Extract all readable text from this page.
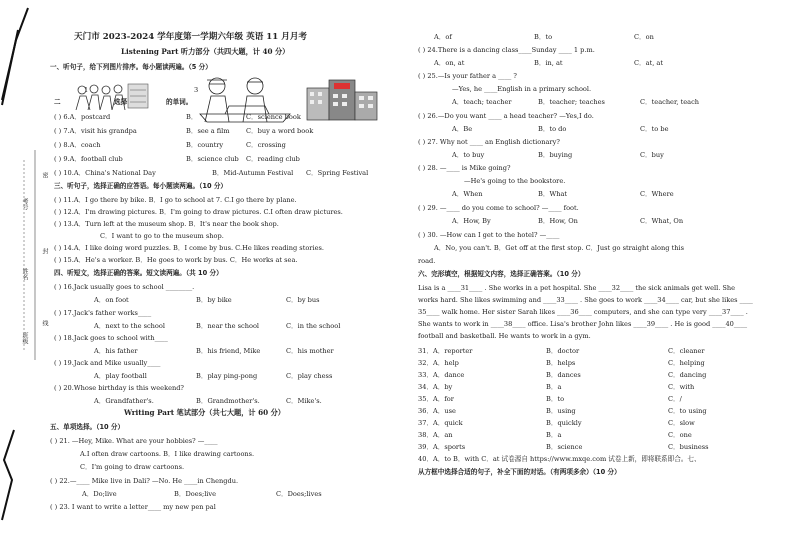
密
封
线
考号
姓名
班级
天门市 2023-2024 学年度第一学期六年级 英语 11 月月考
Listening Part 听力部分（共四大题，计 40 分）
一、听句子，给下列图片排序。每小题读两遍。（5 分）
1	3
二	选择	的单词。
( ) 6.A．postcard	B．	C．science book
( ) 7.A．visit his grandpa	B．see a film C．buy a word book
( ) 8.A．coach	B．country	C．crossing
( ) 9.A．football club	B．science club C．reading club
( ) 10.A．China's National Day	B．Mid-Autumn Festival C．Spring Festival
三、听句子，选择正确的应答语。每小题读两遍。（10 分）
( ) 11.A．I go there by bike. B．I go to school at 7. C.I go there by plane.
( ) 12.A．I'm drawing pictures. B．I'm going to draw pictures. C.I often draw pictures.
( ) 13.A．Turn left at the museum shop. B．It's near the book shop.
C．I want to go to the museum shop.
( ) 14.A．I like doing word puzzles. B．I come by bus. C.He likes reading stories.
( ) 15.A．He's a worker. B．He goes to work by bus. C．He works at sea.
四、听短文，选择正确的答案。短文读两遍。（共 10 分）
( ) 16.Jack usually goes to school ________.
A．on foot	B．by bike	C．by bus
( ) 17.Jack's father works____
A．next to the school	B．near the school	C．in the school
( ) 18.Jack goes to school with____
A．his father	B．his friend, Mike	C．his mother
( ) 19.Jack and Mike usually____
A．play football	B．play ping-pong	C．play chess
( ) 20.Whose birthday is this weekend?
A．Grandfather's.	B．Grandmother's.	C．Mike's.
Writing Part 笔试部分（共七大题，计 60 分）
五、单项选择。（10 分）
( ) 21. —Hey, Mike. What are your hobbies? —____
A.I often draw cartoons. B．I like drawing cartoons.
C．I'm going to draw cartoons.
( ) 22.—____ Mike live in Dali? —No. He ____in Chengdu.
A．Do;live	B．Does;live	C．Does;lives
( ) 23. I want to write a letter____ my new pen pal
A．of	B．to	C．on
( ) 24.There is a dancing class____Sunday ____ 1 p.m.
A．on, at	B．in, at	C．at, at
( ) 25.—Is your father a ____ ?
—Yes, he ____English in a primary school.
A．teach; teacher	B．teacher; teaches	C．teacher, teach
( ) 26.—Do you want ____ a head teacher? —Yes,I do.
A．Be	B．to do	C．to be
( ) 27. Why not ____ an English dictionary?
A．to buy	B．buying	C．buy
( ) 28. —____ is Mike going?
—He's going to the bookstore.
A．When	B．What	C．Where
( ) 29. —____ do you come to school? —____ foot.
A．How, By	B．How, On	C．What, On
( ) 30. —How can I get to the hotel? —____
A．No, you can't. B．Get off at the first stop. C．Just go straight along this
road.
六、完形填空，根据短文内容，选择正确答案。（10 分）
Lisa is a ____31____ . She works in a pet hospital. She ____32____ the sick animals get well. She
works hard. She likes swimming and ____33____ . She goes to work ____34____ car, but she likes ____
35____ walk home. Her sister Sarah likes ____36____ computers, and she can type very ____37____ .
She wants to work in ____38____ office. Lisa's brother John likes ____39____ . He is good ____40____
football and basketball. He wants to work in a gym.
31．A．reporter	B．doctor	C．cleaner
32．A．help	B．helps	C．helping
33．A．dance	B．dances	C．dancing
34．A．by	B．a	C．with
35．A．for	B．to	C．/
36．A．use	B．using	C．to using
37．A．quick	B．quickly	C．slow
38．A．an	B．a	C．one
39．A．sports	B．science	C．business
40．A．to B．with C．at 试卷源自 https://www.mxqe.com 试卷上新，即将联系即合。七、
从方框中选择合适的句子，补全下面的对话。（有两项多余）（10 分）
